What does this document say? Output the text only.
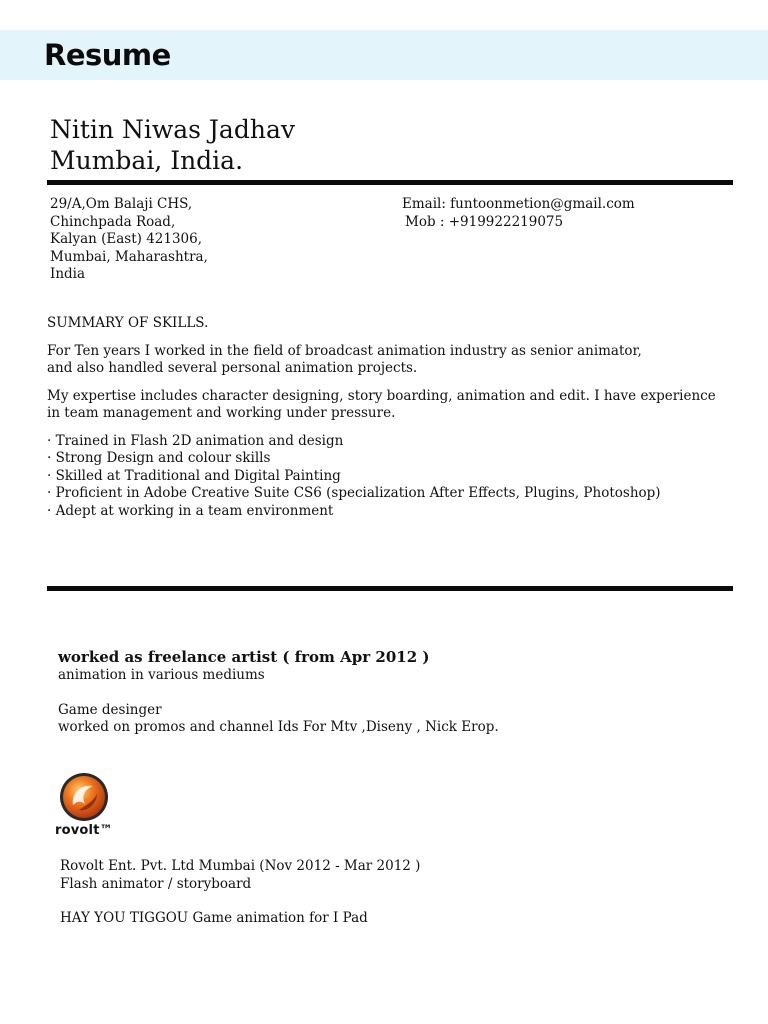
Resume
Nitin Niwas Jadhav
Mumbai, India.
29/A,Om Balaji CHS,
Chinchpada Road,
Kalyan (East) 421306,
Mumbai, Maharashtra,
India
Email: funtoonmetion@gmail.com
Mob : +919922219075

SUMMARY OF SKILLS.

For Ten years I worked in the field of broadcast animation industry as senior animator,

and also handled several personal animation projects.

My expertise includes character designing, story boarding, animation and edit. I have experience

in team management and working under pressure.

· Trained in Flash 2D animation and design
· Strong Design and colour skills
· Skilled at Traditional and Digital Painting
· Proficient in Adobe Creative Suite CS6 (specialization After Effects, Plugins, Photoshop)
· Adept at working in a team environment
worked as freelance artist ( from Apr 2012 )
animation in various mediums
Game desinger
worked on promos and channel Ids For Mtv ,Diseny , Nick Erop.
rovolt™
Rovolt Ent. Pvt. Ltd Mumbai (Nov 2012 - Mar 2012 )
Flash animator / storyboard
HAY YOU TIGGOU Game animation for I Pad
